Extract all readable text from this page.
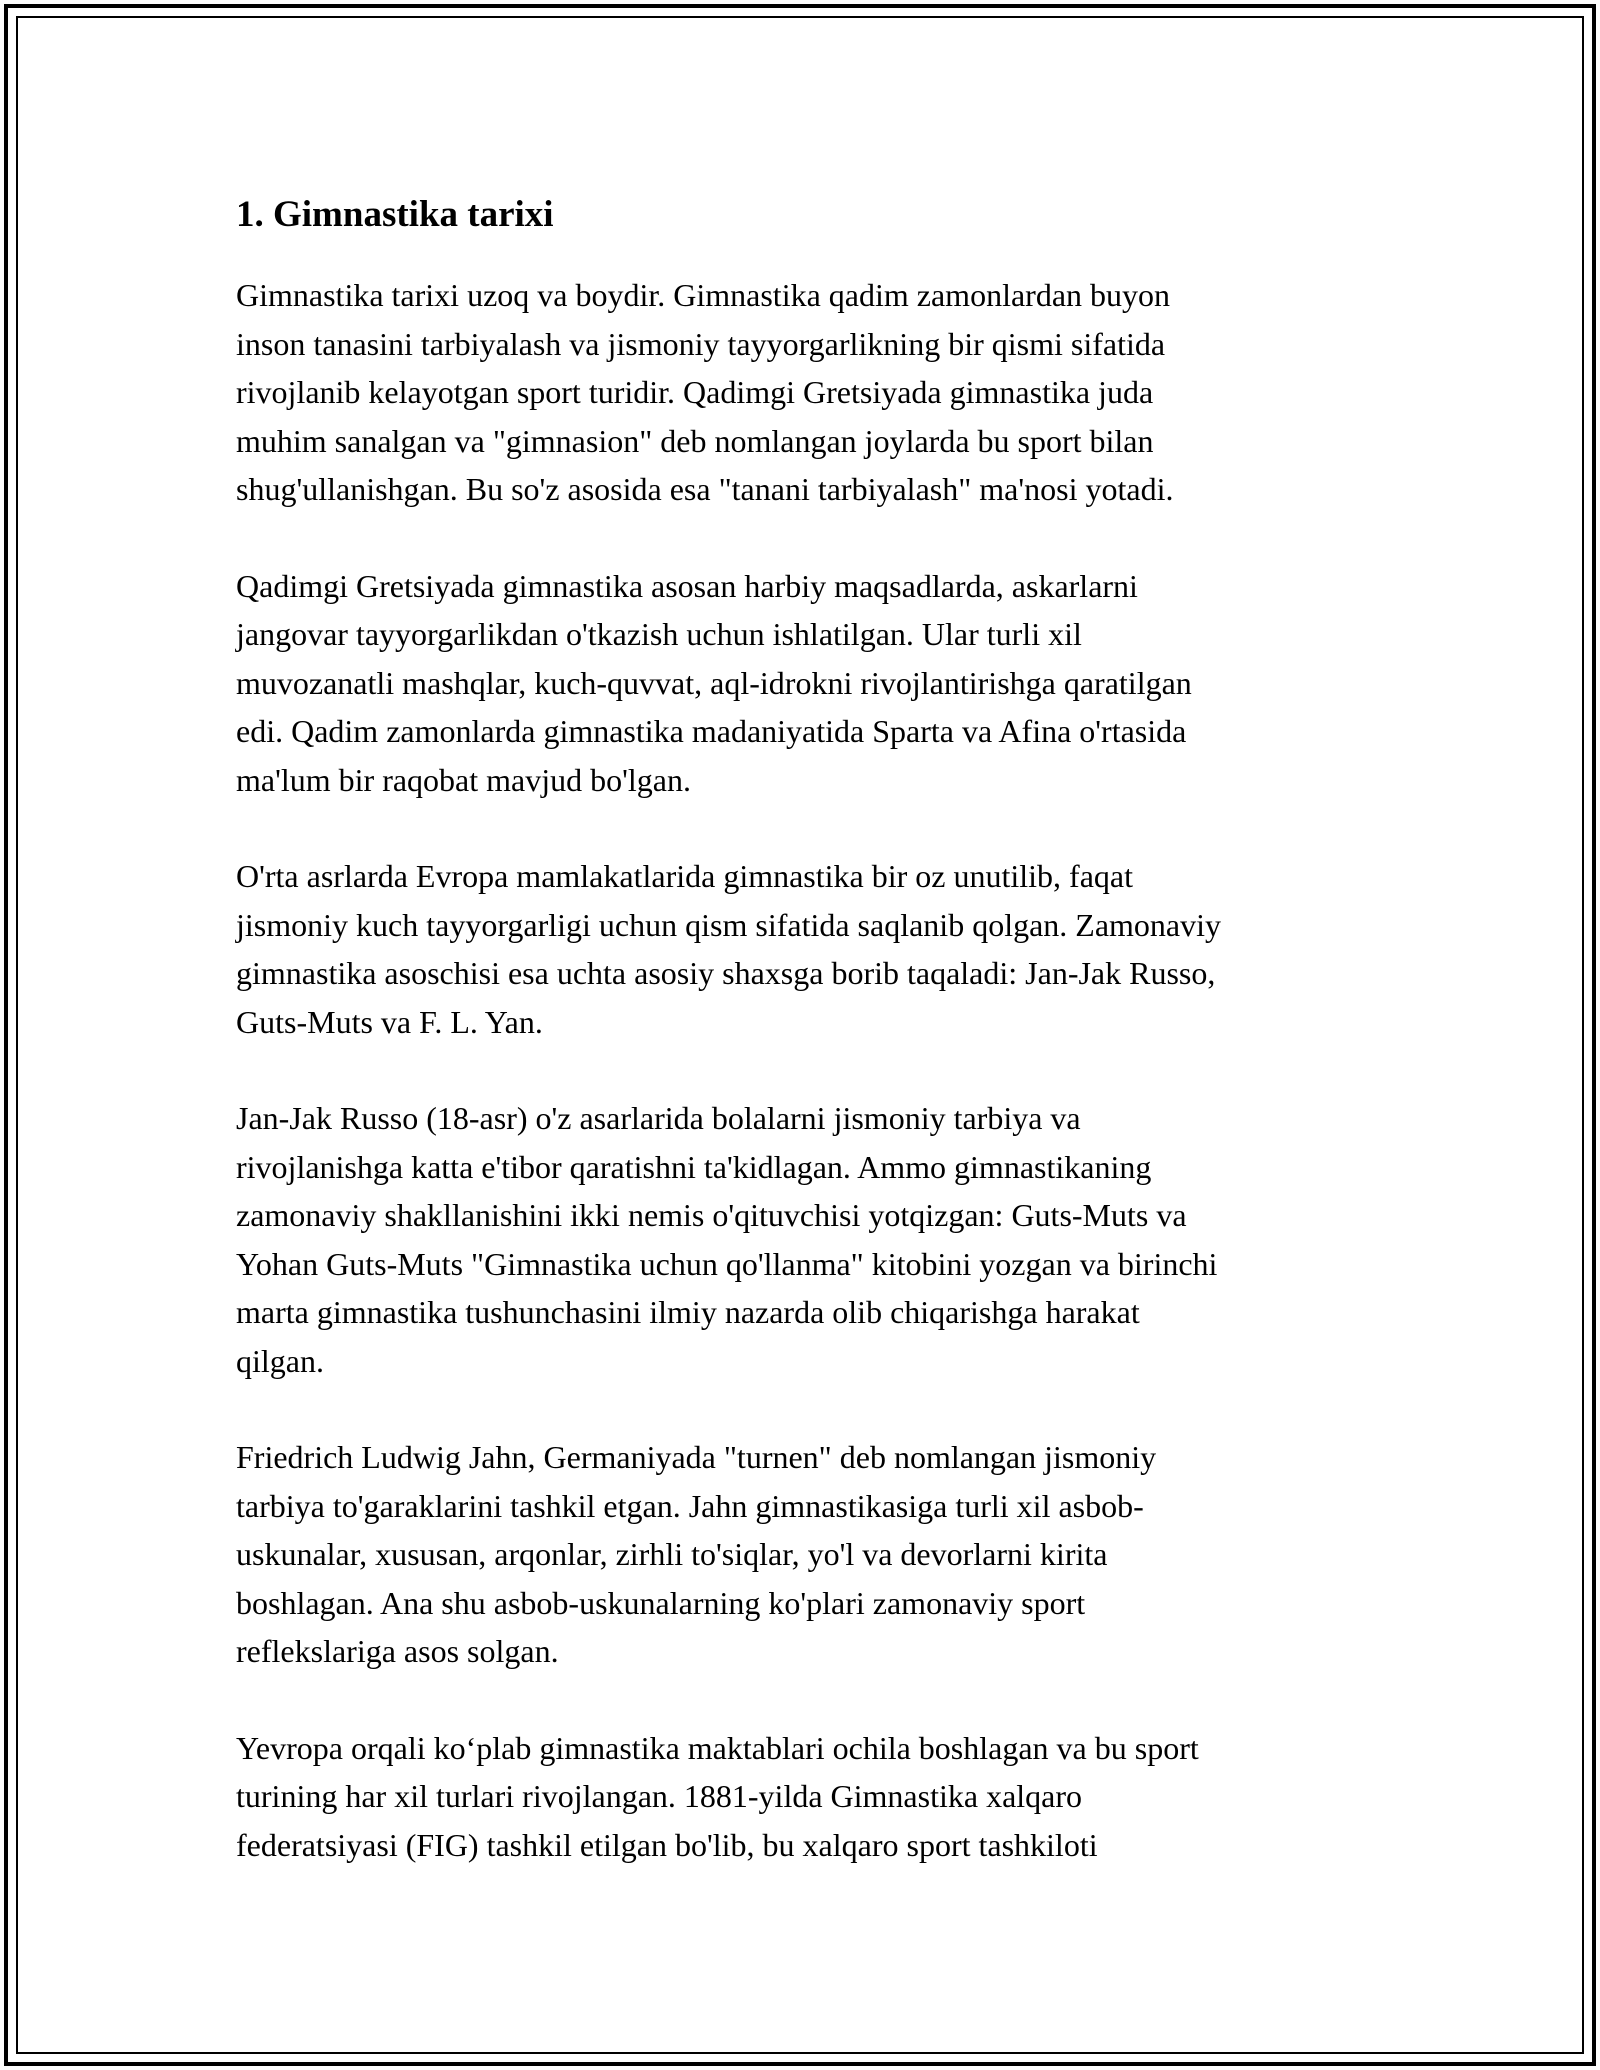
1. Gimnastika tarixi

Gimnastika tarixi uzoq va boydir. Gimnastika qadim zamonlardan buyon
inson tanasini tarbiyalash va jismoniy tayyorgarlikning bir qismi sifatida
rivojlanib kelayotgan sport turidir. Qadimgi Gretsiyada gimnastika juda
muhim sanalgan va "gimnasion" deb nomlangan joylarda bu sport bilan
shug'ullanishgan. Bu so'z asosida esa "tanani tarbiyalash" ma'nosi yotadi.

Qadimgi Gretsiyada gimnastika asosan harbiy maqsadlarda, askarlarni
jangovar tayyorgarlikdan o'tkazish uchun ishlatilgan. Ular turli xil
muvozanatli mashqlar, kuch-quvvat, aql-idrokni rivojlantirishga qaratilgan
edi. Qadim zamonlarda gimnastika madaniyatida Sparta va Afina o'rtasida
ma'lum bir raqobat mavjud bo'lgan.

O'rta asrlarda Evropa mamlakatlarida gimnastika bir oz unutilib, faqat
jismoniy kuch tayyorgarligi uchun qism sifatida saqlanib qolgan. Zamonaviy
gimnastika asoschisi esa uchta asosiy shaxsga borib taqaladi: Jan-Jak Russo,
Guts-Muts va F. L. Yan.

Jan-Jak Russo (18-asr) o'z asarlarida bolalarni jismoniy tarbiya va
rivojlanishga katta e'tibor qaratishni ta'kidlagan. Ammo gimnastikaning
zamonaviy shakllanishini ikki nemis o'qituvchisi yotqizgan: Guts-Muts va
Yohan Guts-Muts "Gimnastika uchun qo'llanma" kitobini yozgan va birinchi
marta gimnastika tushunchasini ilmiy nazarda olib chiqarishga harakat
qilgan.

Friedrich Ludwig Jahn, Germaniyada "turnen" deb nomlangan jismoniy
tarbiya to'garaklarini tashkil etgan. Jahn gimnastikasiga turli xil asbob-
uskunalar, xususan, arqonlar, zirhli to'siqlar, yo'l va devorlarni kirita
boshlagan. Ana shu asbob-uskunalarning ko'plari zamonaviy sport
refleksla​riga asos solgan.

Yevropa orqali ko‘plab gimnastika maktablari ochila boshlagan va bu sport
turining har xil turlari rivojlangan. 1881-yilda Gimnastika xalqaro
federatsiyasi (FIG) tashkil etilgan bo'lib, bu xalqaro sport tashkiloti
